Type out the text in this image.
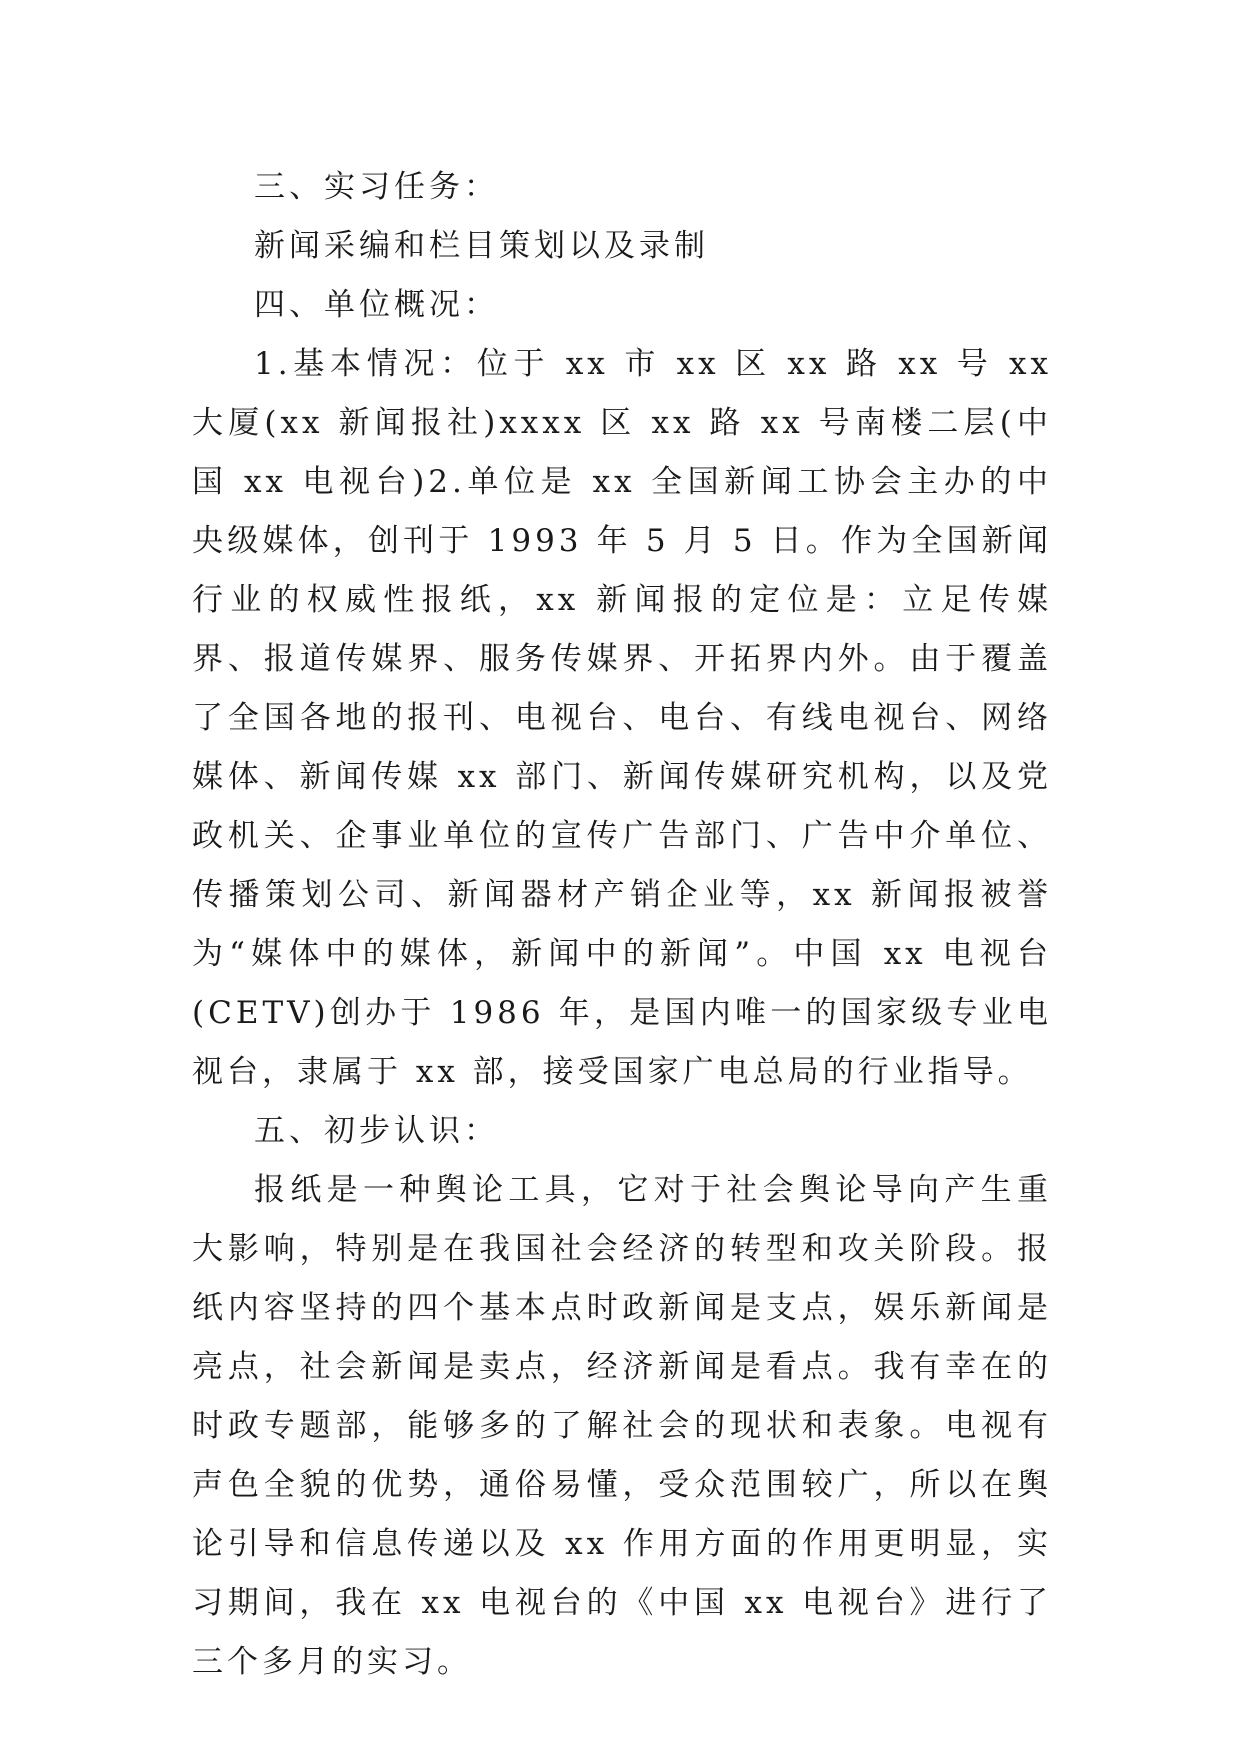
三、实习任务：

新闻采编和栏目策划以及录制

四、单位概况：

1.基本情况：位于 xx 市 xx 区 xx 路 xx 号 xx 大厦(xx 新闻报社)xxxx 区 xx 路 xx 号南楼二层(中国 xx 电视台)2.单位是 xx 全国新闻工协会主办的中央级媒体，创刊于 1993 年 5 月 5 日。作为全国新闻行业的权威性报纸，xx 新闻报的定位是：立足传媒界、报道传媒界、服务传媒界、开拓界内外。由于覆盖了全国各地的报刊、电视台、电台、有线电视台、网络媒体、新闻传媒 xx 部门、新闻传媒研究机构，以及党政机关、企事业单位的宣传广告部门、广告中介单位、传播策划公司、新闻器材产销企业等，xx 新闻报被誉为“媒体中的媒体，新闻中的新闻”。中国 xx 电视台(CETV)创办于 1986 年，是国内唯一的国家级专业电视台，隶属于 xx 部，接受国家广电总局的行业指导。

五、初步认识：

报纸是一种舆论工具，它对于社会舆论导向产生重大影响，特别是在我国社会经济的转型和攻关阶段。报纸内容坚持的四个基本点时政新闻是支点，娱乐新闻是亮点，社会新闻是卖点，经济新闻是看点。我有幸在的时政专题部，能够多的了解社会的现状和表象。电视有声色全貌的优势，通俗易懂，受众范围较广，所以在舆论引导和信息传递以及 xx 作用方面的作用更明显，实习期间，我在 xx 电视台的《中国 xx 电视台》进行了三个多月的实习。
